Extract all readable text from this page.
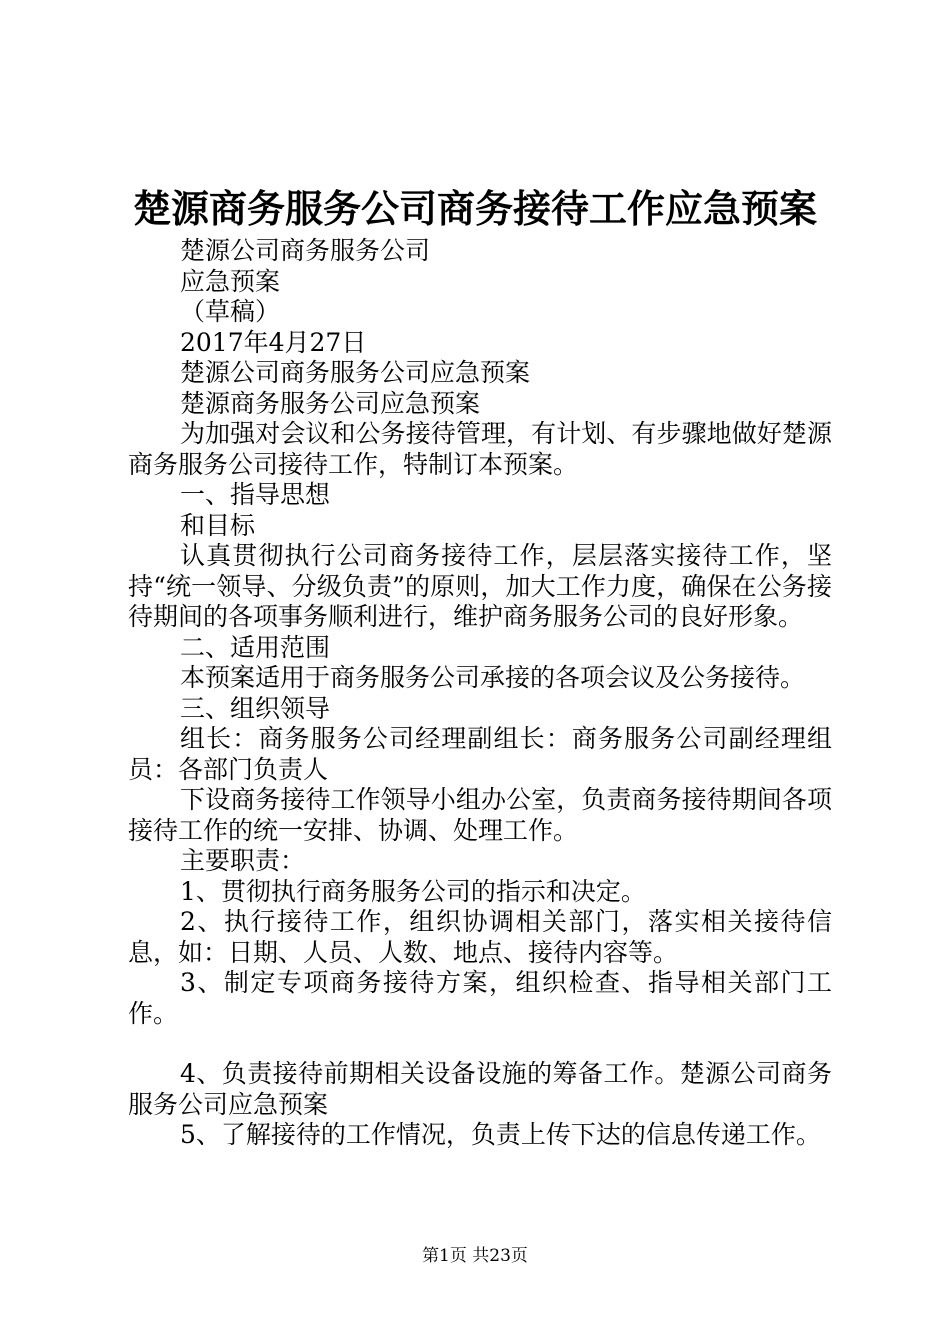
楚源商务服务公司商务接待工作应急预案

楚源公司商务服务公司

应急预案

（草稿）

2017年4月27日

楚源公司商务服务公司应急预案

楚源商务服务公司应急预案

为加强对会议和公务接待管理，有计划、有步骤地做好楚源商务服务公司接待工作，特制订本预案。

一、指导思想

和目标

认真贯彻执行公司商务接待工作，层层落实接待工作，坚持“统一领导、分级负责”的原则，加大工作力度，确保在公务接待期间的各项事务顺利进行，维护商务服务公司的良好形象。

二、适用范围

本预案适用于商务服务公司承接的各项会议及公务接待。

三、组织领导

组长：商务服务公司经理副组长：商务服务公司副经理组员：各部门负责人

下设商务接待工作领导小组办公室，负责商务接待期间各项接待工作的统一安排、协调、处理工作。

主要职责：

1、贯彻执行商务服务公司的指示和决定。

2、执行接待工作，组织协调相关部门，落实相关接待信息，如：日期、人员、人数、地点、接待内容等。

3、制定专项商务接待方案，组织检查、指导相关部门工作。

4、负责接待前期相关设备设施的筹备工作。楚源公司商务服务公司应急预案

5、了解接待的工作情况，负责上传下达的信息传递工作。

第1页 共23页
